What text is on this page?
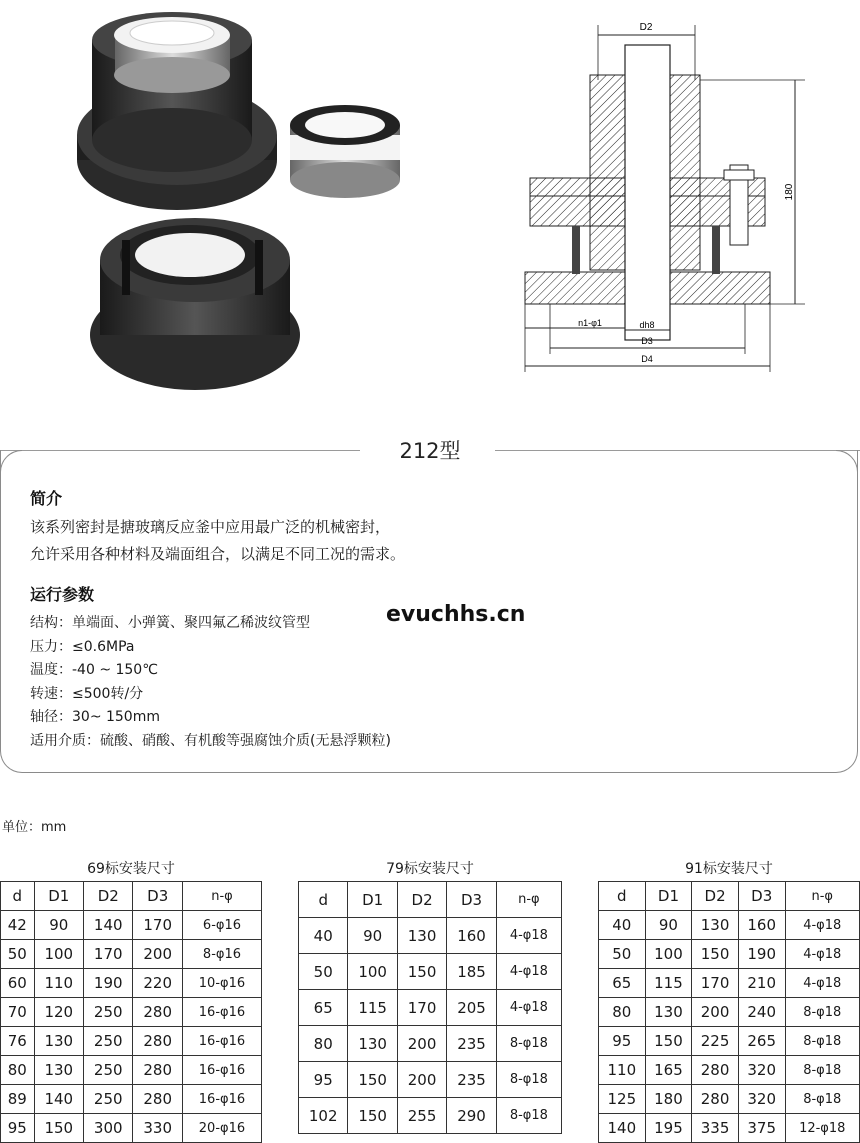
D2
180
n1-φ1	dh8
D3
D4
212型
简介
该系列密封是搪玻璃反应釜中应用最广泛的机械密封，
允许采用各种材料及端面组合，以满足不同工况的需求。
运行参数
结构：单端面、小弹簧、聚四氟乙稀波纹管型
压力：≤0.6MPa
温度：-40 ~ 150℃
转速：≤500转/分
轴径：30~ 150mm
适用介质：硫酸、硝酸、有机酸等强腐蚀介质(无悬浮颗粒)
evuchhs.cn
单位：mm
69标安装尺寸	79标安装尺寸	91标安装尺寸
d	D1	D2	D3	n-φ
42	90	140	170	6-φ16
50	100	170	200	8-φ16
60	110	190	220	10-φ16
70	120	250	280	16-φ16
76	130	250	280	16-φ16
80	130	250	280	16-φ16
89	140	250	280	16-φ16
95	150	300	330	20-φ16
d	D1	D2	D3	n-φ
40	90	130	160	4-φ18
50	100	150	185	4-φ18
65	115	170	205	4-φ18
80	130	200	235	8-φ18
95	150	200	235	8-φ18
102	150	255	290	8-φ18
d	D1	D2	D3	n-φ
40	90	130	160	4-φ18
50	100	150	190	4-φ18
65	115	170	210	4-φ18
80	130	200	240	8-φ18
95	150	225	265	8-φ18
110	165	280	320	8-φ18
125	180	280	320	8-φ18
140	195	335	375	12-φ18
